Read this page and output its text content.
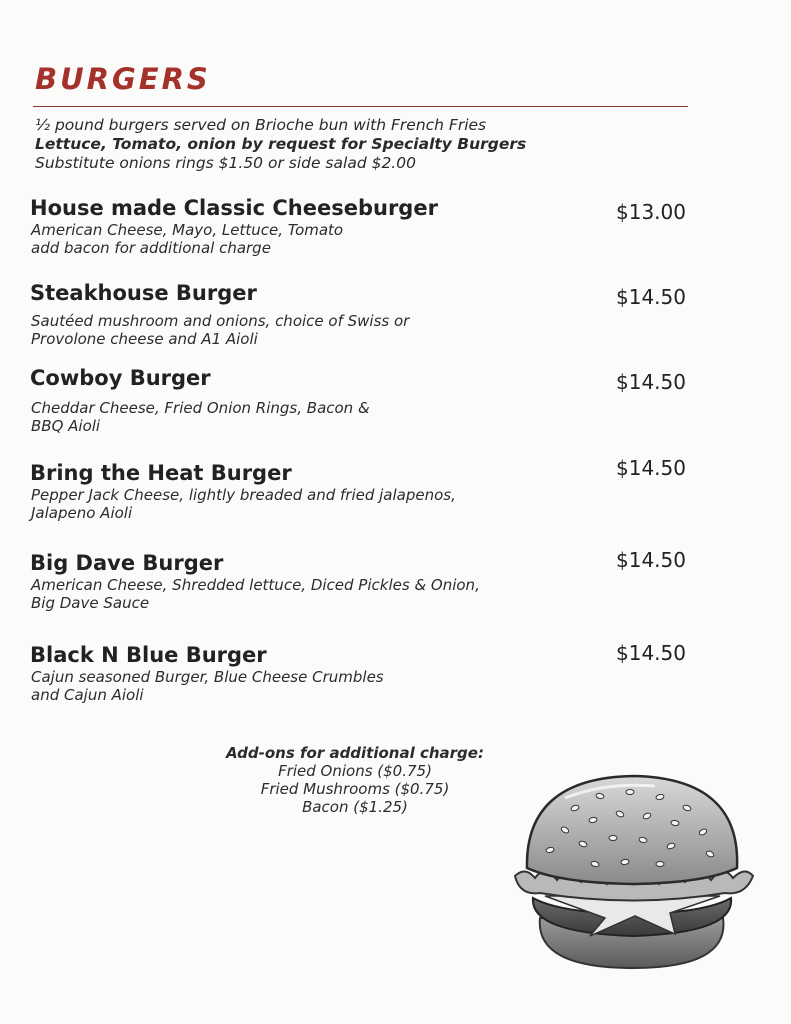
BURGERS
½ pound burgers served on Brioche bun with French Fries
Lettuce, Tomato, onion by request for Specialty Burgers
Substitute onions rings $1.50 or side salad $2.00
House made Classic Cheeseburger
American Cheese, Mayo, Lettuce, Tomato
add bacon for additional charge
$13.00
Steakhouse Burger
Sautéed mushroom and onions, choice of Swiss or
Provolone cheese and A1 Aioli
$14.50
Cowboy Burger
Cheddar Cheese, Fried Onion Rings, Bacon &
BBQ Aioli
$14.50
Bring the Heat Burger
Pepper Jack Cheese, lightly breaded and fried jalapenos,
Jalapeno Aioli
$14.50
Big Dave Burger
American Cheese, Shredded lettuce, Diced Pickles & Onion,
Big Dave Sauce
$14.50
Black N Blue Burger
Cajun seasoned Burger, Blue Cheese Crumbles
and Cajun Aioli
$14.50
Add-ons for additional charge:
Fried Onions ($0.75)
Fried Mushrooms ($0.75)
Bacon ($1.25)
